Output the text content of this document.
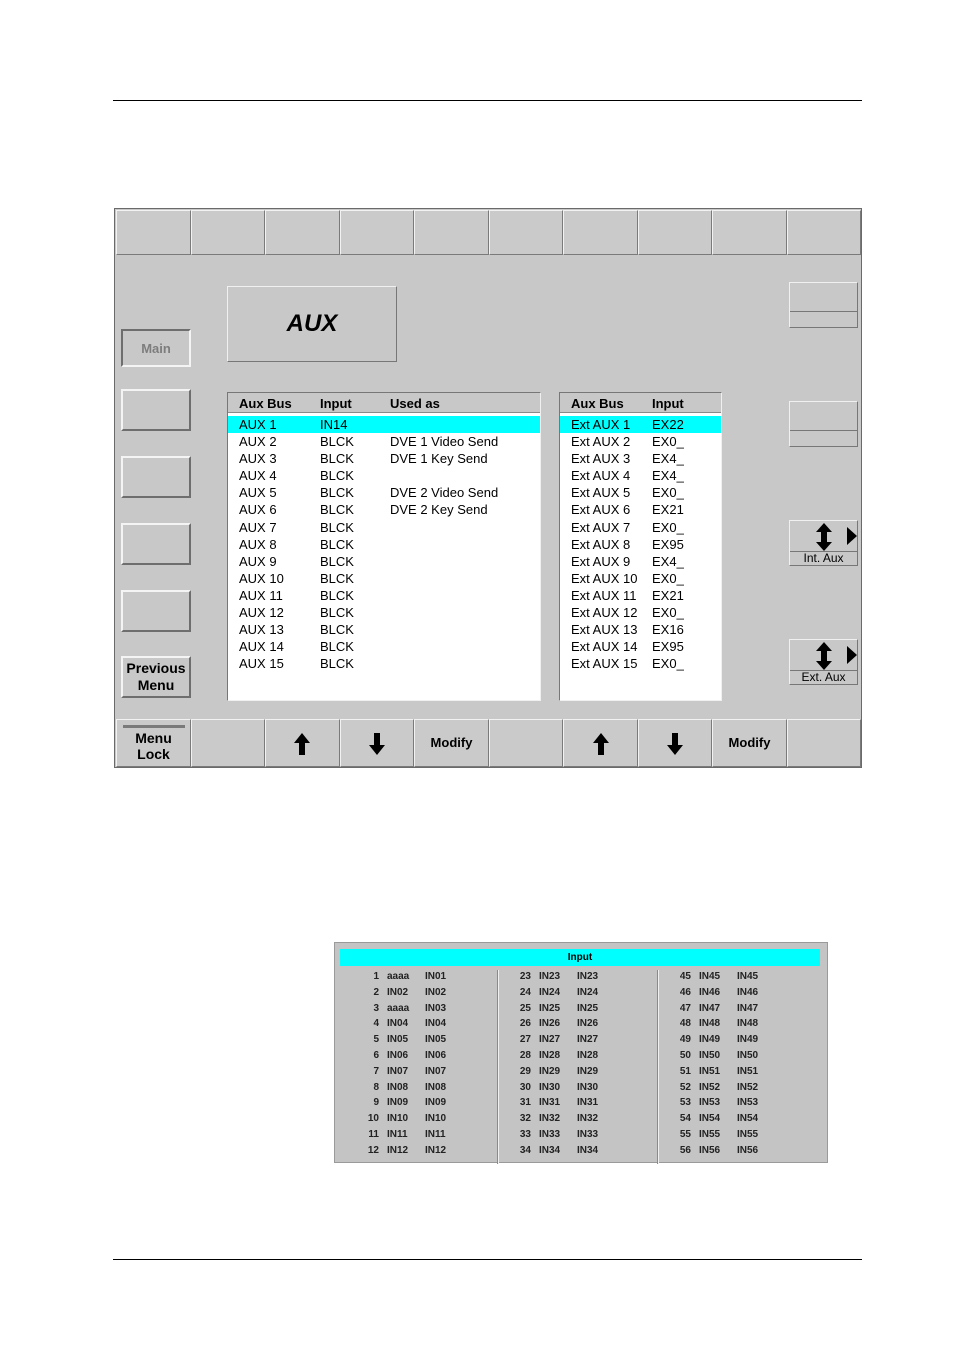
Main
Previous Menu
AUX
Aux Bus Input	Used as
AUX 1	IN14
AUX 2	BLCK	DVE 1 Video Send
AUX 3	BLCK	DVE 1 Key Send
AUX 4	BLCK
AUX 5	BLCK	DVE 2 Video Send
AUX 6	BLCK	DVE 2 Key Send
AUX 7	BLCK
AUX 8	BLCK
AUX 9	BLCK
AUX 10	BLCK
AUX 11	BLCK
AUX 12	BLCK
AUX 13	BLCK
AUX 14	BLCK
AUX 15	BLCK
Aux Bus Input
Ext AUX 1 EX22
Ext AUX 2 EX0_
Ext AUX 3 EX4_
Ext AUX 4 EX4_
Ext AUX 5 EX0_
Ext AUX 6 EX21
Ext AUX 7 EX0_
Ext AUX 8 EX95
Ext AUX 9 EX4_
Ext AUX 10 EX0_
Ext AUX 11 EX21
Ext AUX 12 EX0_
Ext AUX 13 EX16
Ext AUX 14 EX95
Ext AUX 15 EX0_
Int. Aux
Ext. Aux
Menu Lock
Modify	Modify
Input
1 aaaa IN01
2 IN02 IN02
3 aaaa IN03
4 IN04 IN04
5 IN05 IN05
6 IN06 IN06
7 IN07 IN07
8 IN08 IN08
9 IN09 IN09
10 IN10 IN10
11 IN11 IN11
12 IN12 IN12
23 IN23 IN23
24 IN24 IN24
25 IN25 IN25
26 IN26 IN26
27 IN27 IN27
28 IN28 IN28
29 IN29 IN29
30 IN30 IN30
31 IN31 IN31
32 IN32 IN32
33 IN33 IN33
34 IN34 IN34
45 IN45 IN45
46 IN46 IN46
47 IN47 IN47
48 IN48 IN48
49 IN49 IN49
50 IN50 IN50
51 IN51 IN51
52 IN52 IN52
53 IN53 IN53
54 IN54 IN54
55 IN55 IN55
56 IN56 IN56
